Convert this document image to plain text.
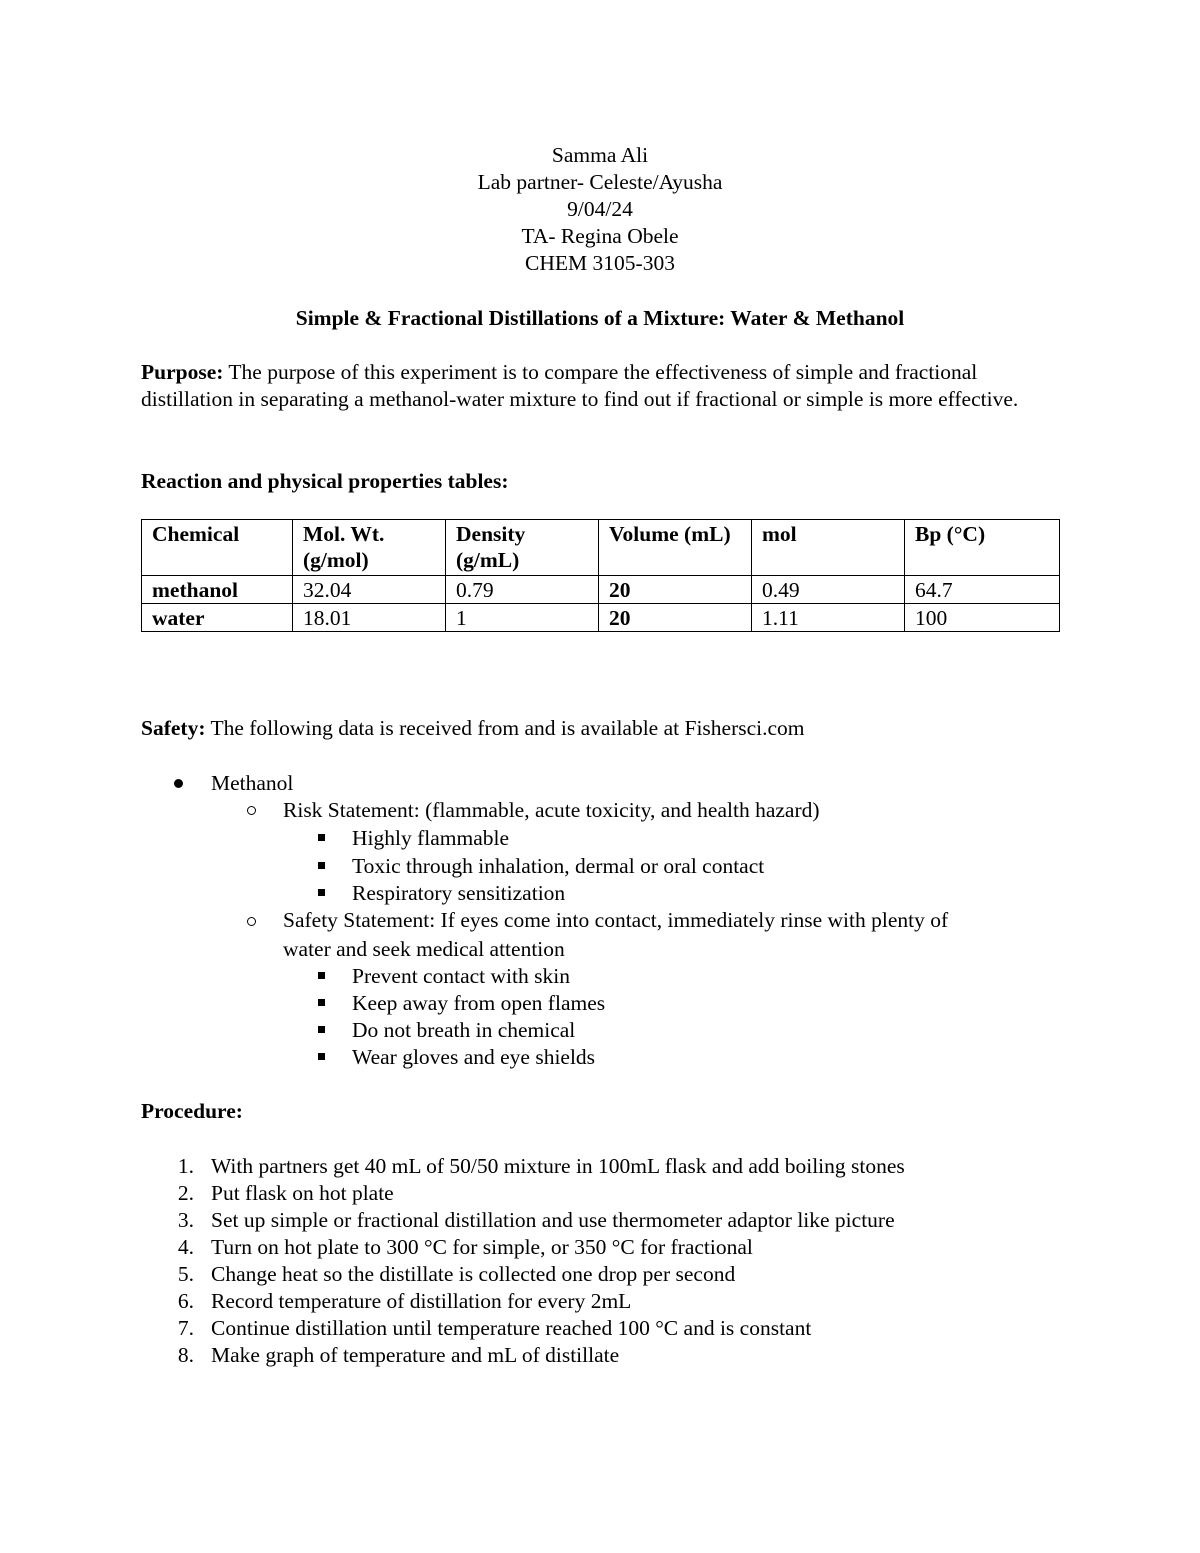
Samma Ali
Lab partner- Celeste/Ayusha
9/04/24
TA- Regina Obele
CHEM 3105-303
Simple & Fractional Distillations of a Mixture: Water & Methanol
Purpose: The purpose of this experiment is to compare the effectiveness of simple and fractional distillation in separating a methanol-water mixture to find out if fractional or simple is more effective.
Reaction and physical properties tables:
Chemical	Mol. Wt. (g/mol)	Density (g/mL)	Volume (mL)	mol	Bp (°C)
methanol	32.04	0.79	20	0.49	64.7
water	18.01	1	20	1.11	100
Safety: The following data is received from and is available at Fishersci.com
Methanol
Risk Statement: (flammable, acute toxicity, and health hazard)
Highly flammable
Toxic through inhalation, dermal or oral contact
Respiratory sensitization
Safety Statement: If eyes come into contact, immediately rinse with plenty of
water and seek medical attention
Prevent contact with skin
Keep away from open flames
Do not breath in chemical
Wear gloves and eye shields
Procedure:
1. With partners get 40 mL of 50/50 mixture in 100mL flask and add boiling stones
2. Put flask on hot plate
3. Set up simple or fractional distillation and use thermometer adaptor like picture
4. Turn on hot plate to 300 °C for simple, or 350 °C for fractional
5. Change heat so the distillate is collected one drop per second
6. Record temperature of distillation for every 2mL
7. Continue distillation until temperature reached 100 °C and is constant
8. Make graph of temperature and mL of distillate
